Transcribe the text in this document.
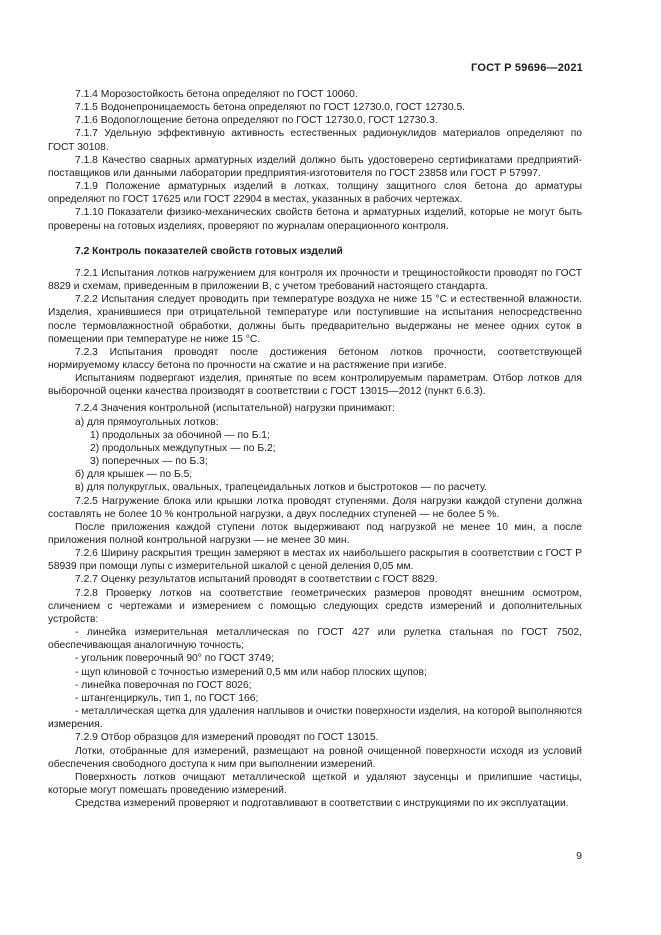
ГОСТ Р 59696—2021

7.1.4 Морозостойкость бетона определяют по ГОСТ 10060.

7.1.5 Водонепроницаемость бетона определяют по ГОСТ 12730.0, ГОСТ 12730.5.

7.1.6 Водопоглощение бетона определяют по ГОСТ 12730.0, ГОСТ 12730.3.

7.1.7 Удельную эффективную активность естественных радионуклидов материалов определяют по ГОСТ 30108.

7.1.8 Качество сварных арматурных изделий должно быть удостоверено сертификатами предприятий-поставщиков или данными лаборатории предприятия-изготовителя по ГОСТ 23858 или ГОСТ Р 57997.

7.1.9 Положение арматурных изделий в лотках, толщину защитного слоя бетона до арматуры определяют по ГОСТ 17625 или ГОСТ 22904 в местах, указанных в рабочих чертежах.

7.1.10 Показатели физико-механических свойств бетона и арматурных изделий, которые не могут быть проверены на готовых изделиях, проверяют по журналам операционного контроля.

7.2 Контроль показателей свойств готовых изделий

7.2.1 Испытания лотков нагружением для контроля их прочности и трещиностойкости проводят по ГОСТ 8829 и схемам, приведенным в приложении В, с учетом требований настоящего стандарта.

7.2.2 Испытания следует проводить при температуре воздуха не ниже 15 °С и естественной влажности. Изделия, хранившиеся при отрицательной температуре или поступившие на испытания непосредственно после термовлажностной обработки, должны быть предварительно выдержаны не менее одних суток в помещении при температуре не ниже 15 °С.

7.2.3 Испытания проводят после достижения бетоном лотков прочности, соответствующей нормируемому классу бетона по прочности на сжатие и на растяжение при изгибе.

Испытаниям подвергают изделия, принятые по всем контролируемым параметрам. Отбор лотков для выборочной оценки качества производят в соответствии с ГОСТ 13015—2012 (пункт 6.6.3).

7.2.4 Значения контрольной (испытательной) нагрузки принимают:

а) для прямоугольных лотков:

1) продольных за обочиной — по Б.1;

2) продольных междупутных — по Б.2;

3) поперечных — по Б.3;

б) для крышек — по Б.5;

в) для полукруглых, овальных, трапецеидальных лотков и быстротоков — по расчету.

7.2.5 Нагружение блока или крышки лотка проводят ступенями. Доля нагрузки каждой ступени должна составлять не более 10 % контрольной нагрузки, а двух последних ступеней — не более 5 %.

После приложения каждой ступени лоток выдерживают под нагрузкой не менее 10 мин, а после приложения полной контрольной нагрузки — не менее 30 мин.

7.2.6 Ширину раскрытия трещин замеряют в местах их наибольшего раскрытия в соответствии с ГОСТ Р 58939 при помощи лупы с измерительной шкалой с ценой деления 0,05 мм.

7.2.7 Оценку результатов испытаний проводят в соответствии с ГОСТ 8829.

7.2.8 Проверку лотков на соответствие геометрических размеров проводят внешним осмотром, сличением с чертежами и измерением с помощью следующих средств измерений и дополнительных устройств:

- линейка измерительная металлическая по ГОСТ 427 или рулетка стальная по ГОСТ 7502, обеспечивающая аналогичную точность;

- угольник поверочный 90° по ГОСТ 3749;

- щуп клиновой с точностью измерений 0,5 мм или набор плоских щупов;

- линейка поверочная по ГОСТ 8026;

- штангенциркуль, тип 1, по ГОСТ 166;

- металлическая щетка для удаления наплывов и очистки поверхности изделия, на которой выполняются измерения.

7.2.9 Отбор образцов для измерений проводят по ГОСТ 13015.

Лотки, отобранные для измерений, размещают на ровной очищенной поверхности исходя из условий обеспечения свободного доступа к ним при выполнении измерений.

Поверхность лотков очищают металлической щеткой и удаляют заусенцы и прилипшие частицы, которые могут помешать проведению измерений.

Средства измерений проверяют и подготавливают в соответствии с инструкциями по их эксплуатации.

9
